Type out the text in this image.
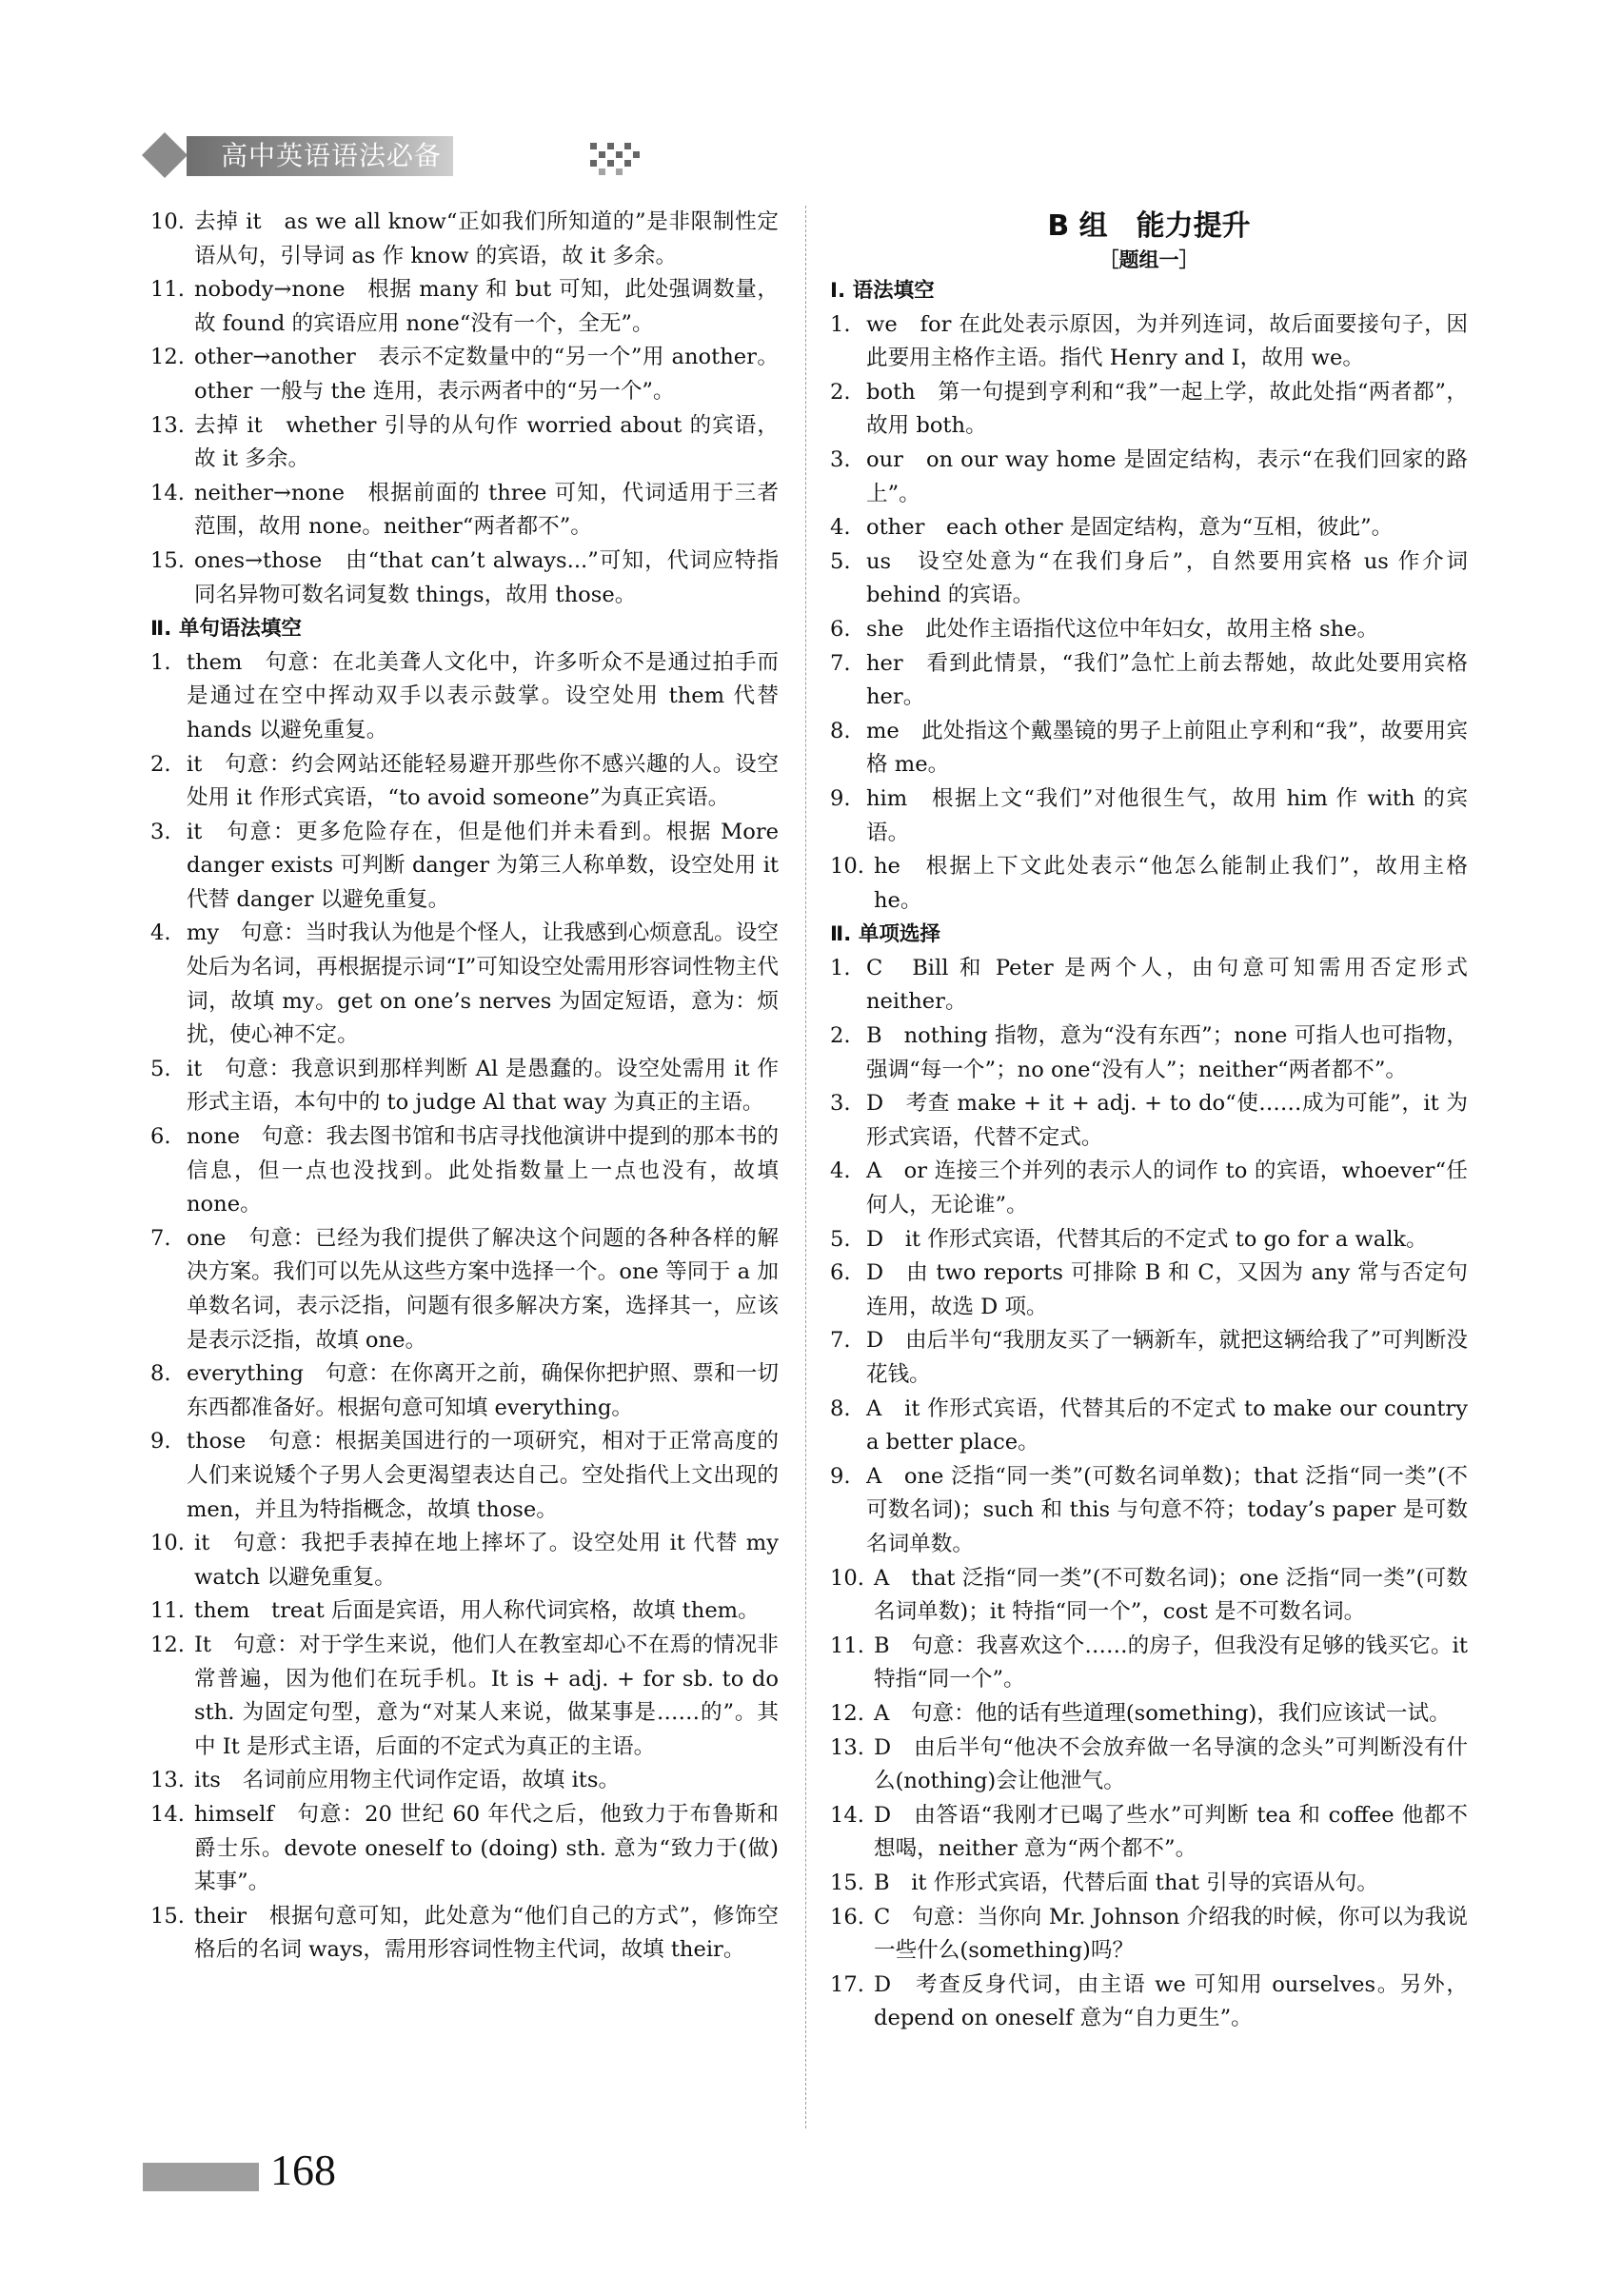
高中英语语法必备
10. 去掉 it　as we all know“正如我们所知道的”是非限制性定语从句，引导词 as 作 know 的宾语，故 it 多余。
11. nobody→none　根据 many 和 but 可知，此处强调数量，故 found 的宾语应用 none“没有一个，全无”。
12. other→another　表示不定数量中的“另一个”用 another。other 一般与 the 连用，表示两者中的“另一个”。
13. 去掉 it　whether 引导的从句作 worried about 的宾语，故 it 多余。
14. neither→none　根据前面的 three 可知，代词适用于三者范围，故用 none。neither“两者都不”。
15. ones→those　由“that can’t always...”可知，代词应特指同名异物可数名词复数 things，故用 those。
Ⅱ. 单句语法填空
1. them　句意：在北美聋人文化中，许多听众不是通过拍手而是通过在空中挥动双手以表示鼓掌。设空处用 them 代替 hands 以避免重复。
2. it　句意：约会网站还能轻易避开那些你不感兴趣的人。设空处用 it 作形式宾语，“to avoid someone”为真正宾语。
3. it　句意：更多危险存在，但是他们并未看到。根据 More danger exists 可判断 danger 为第三人称单数，设空处用 it 代替 danger 以避免重复。
4. my　句意：当时我认为他是个怪人，让我感到心烦意乱。设空处后为名词，再根据提示词“I”可知设空处需用形容词性物主代词，故填 my。get on one’s nerves 为固定短语，意为：烦扰，使心神不定。
5. it　句意：我意识到那样判断 Al 是愚蠢的。设空处需用 it 作形式主语，本句中的 to judge Al that way 为真正的主语。
6. none　句意：我去图书馆和书店寻找他演讲中提到的那本书的信息，但一点也没找到。此处指数量上一点也没有，故填 none。
7. one　句意：已经为我们提供了解决这个问题的各种各样的解决方案。我们可以先从这些方案中选择一个。one 等同于 a 加单数名词，表示泛指，问题有很多解决方案，选择其一，应该是表示泛指，故填 one。
8. everything　句意：在你离开之前，确保你把护照、票和一切东西都准备好。根据句意可知填 everything。
9. those　句意：根据美国进行的一项研究，相对于正常高度的人们来说矮个子男人会更渴望表达自己。空处指代上文出现的 men，并且为特指概念，故填 those。
10. it　句意：我把手表掉在地上摔坏了。设空处用 it 代替 my watch 以避免重复。
11. them　treat 后面是宾语，用人称代词宾格，故填 them。
12. It　句意：对于学生来说，他们人在教室却心不在焉的情况非常普遍，因为他们在玩手机。It is + adj. + for sb. to do sth. 为固定句型，意为“对某人来说，做某事是……的”。其中 It 是形式主语，后面的不定式为真正的主语。
13. its　名词前应用物主代词作定语，故填 its。
14. himself　句意：20 世纪 60 年代之后，他致力于布鲁斯和爵士乐。devote oneself to (doing) sth. 意为“致力于(做)某事”。
15. their　根据句意可知，此处意为“他们自己的方式”，修饰空格后的名词 ways，需用形容词性物主代词，故填 their。
B 组　能力提升
［题组一］
Ⅰ. 语法填空
1. we　for 在此处表示原因，为并列连词，故后面要接句子，因此要用主格作主语。指代 Henry and I，故用 we。
2. both　第一句提到亨利和“我”一起上学，故此处指“两者都”，故用 both。
3. our　on our way home 是固定结构，表示“在我们回家的路上”。
4. other　each other 是固定结构，意为“互相，彼此”。
5. us　设空处意为“在我们身后”，自然要用宾格 us 作介词 behind 的宾语。
6. she　此处作主语指代这位中年妇女，故用主格 she。
7. her　看到此情景，“我们”急忙上前去帮她，故此处要用宾格 her。
8. me　此处指这个戴墨镜的男子上前阻止亨利和“我”，故要用宾格 me。
9. him　根据上文“我们”对他很生气，故用 him 作 with 的宾语。
10. he　根据上下文此处表示“他怎么能制止我们”，故用主格 he。
Ⅱ. 单项选择
1. C　Bill 和 Peter 是两个人，由句意可知需用否定形式 neither。
2. B　nothing 指物，意为“没有东西”；none 可指人也可指物，强调“每一个”；no one“没有人”；neither“两者都不”。
3. D　考查 make + it + adj. + to do“使……成为可能”，it 为形式宾语，代替不定式。
4. A　or 连接三个并列的表示人的词作 to 的宾语，whoever“任何人，无论谁”。
5. D　it 作形式宾语，代替其后的不定式 to go for a walk。
6. D　由 two reports 可排除 B 和 C，又因为 any 常与否定句连用，故选 D 项。
7. D　由后半句“我朋友买了一辆新车，就把这辆给我了”可判断没花钱。
8. A　it 作形式宾语，代替其后的不定式 to make our country a better place。
9. A　one 泛指“同一类”(可数名词单数)；that 泛指“同一类”(不可数名词)；such 和 this 与句意不符；today’s paper 是可数名词单数。
10. A　that 泛指“同一类”(不可数名词)；one 泛指“同一类”(可数名词单数)；it 特指“同一个”，cost 是不可数名词。
11. B　句意：我喜欢这个……的房子，但我没有足够的钱买它。it 特指“同一个”。
12. A　句意：他的话有些道理(something)，我们应该试一试。
13. D　由后半句“他决不会放弃做一名导演的念头”可判断没有什么(nothing)会让他泄气。
14. D　由答语“我刚才已喝了些水”可判断 tea 和 coffee 他都不想喝，neither 意为“两个都不”。
15. B　it 作形式宾语，代替后面 that 引导的宾语从句。
16. C　句意：当你向 Mr. Johnson 介绍我的时候，你可以为我说一些什么(something)吗？
17. D　考查反身代词，由主语 we 可知用 ourselves。另外，depend on oneself 意为“自力更生”。
168
